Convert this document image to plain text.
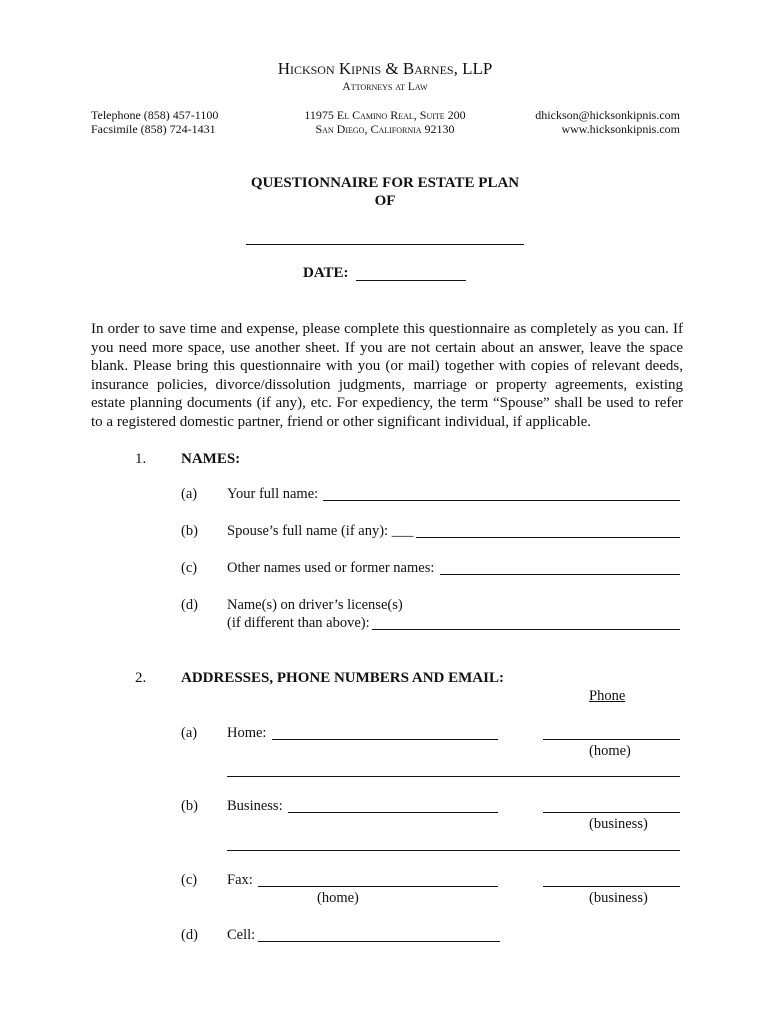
Hickson Kipnis & Barnes, LLP
Attorneys at Law
Telephone (858) 457-1100
Facsimile (858) 724-1431
11975 El Camino Real, Suite 200
San Diego, California 92130
dhickson@hicksonkipnis.com
www.hicksonkipnis.com
QUESTIONNAIRE FOR ESTATE PLAN
OF
DATE:
In order to save time and expense, please complete this questionnaire as completely as you can. If you need more space, use another sheet. If you are not certain about an answer, leave the space blank. Please bring this questionnaire with you (or mail) together with copies of relevant deeds, insurance policies, divorce/dissolution judgments, marriage or property agreements, existing estate planning documents (if any), etc. For expediency, the term “Spouse” shall be used to refer to a registered domestic partner, friend or other significant individual, if applicable.
1. NAMES:
(a) Your full name:
(b) Spouse’s full name (if any): ___
(c) Other names used or former names:
(d) Name(s) on driver’s license(s)
(if different than above):
2. ADDRESSES, PHONE NUMBERS AND EMAIL:
Phone
(a) Home:
(home)
(b) Business:
(business)
(c) Fax:
(home)	(business)
(d) Cell:
